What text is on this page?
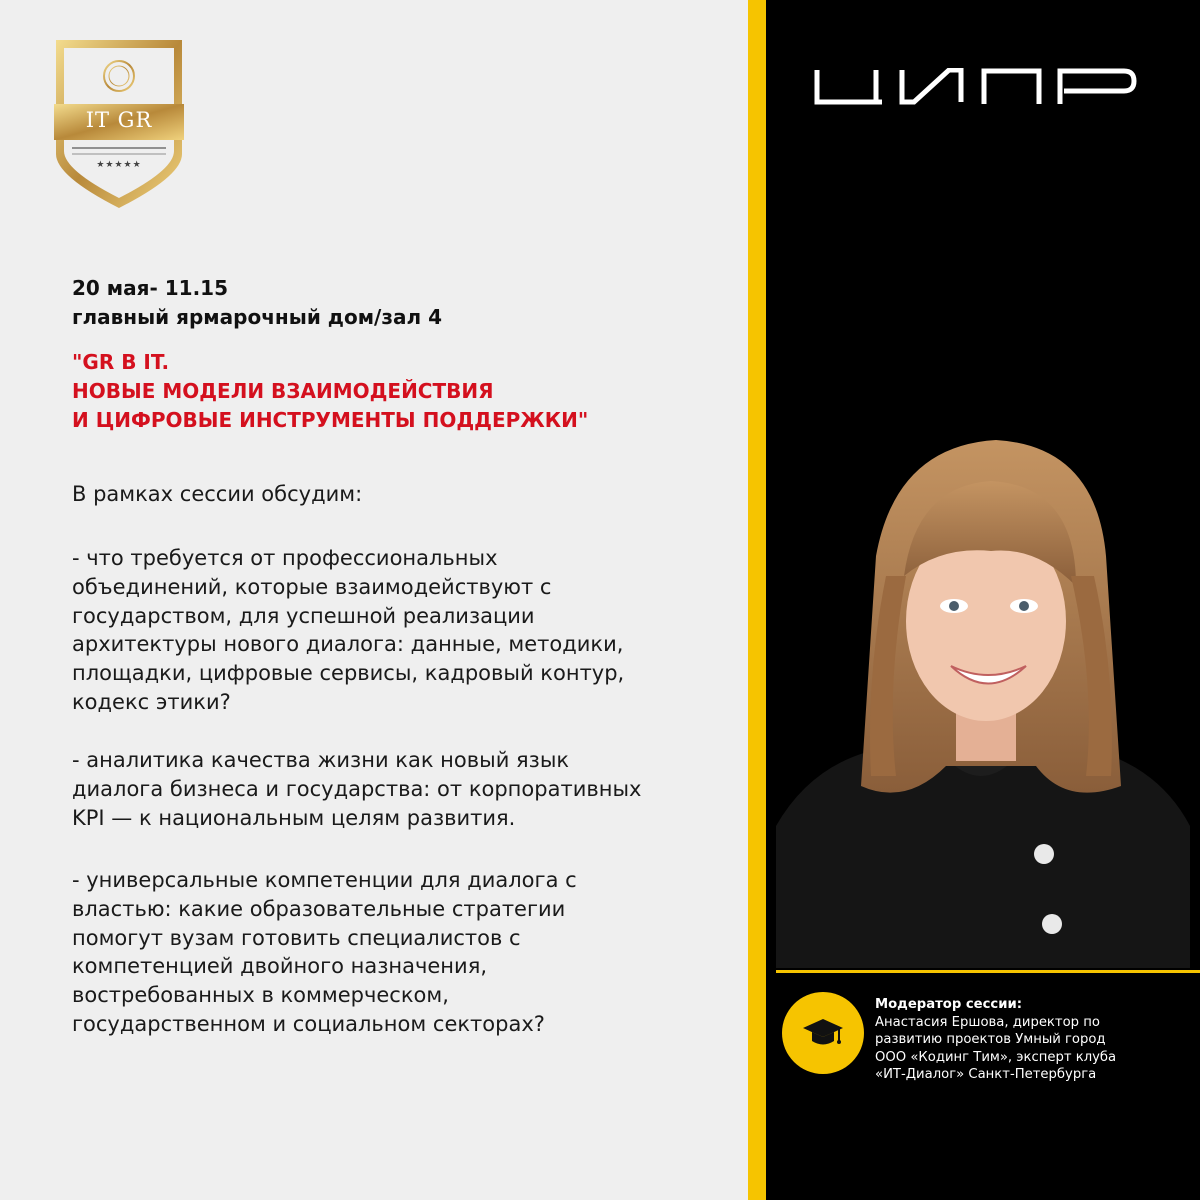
IT GR
★★★★★
20 мая- 11.15
главный ярмарочный дом/зал 4
"GR В IT.
НОВЫЕ МОДЕЛИ ВЗАИМОДЕЙСТВИЯ
И ЦИФРОВЫЕ ИНСТРУМЕНТЫ ПОДДЕРЖКИ"
В рамках сессии обсудим:
- что требуется от профессиональных
объединений, которые взаимодействуют с
государством, для успешной реализации
архитектуры нового диалога: данные, методики,
площадки, цифровые сервисы, кадровый контур,
кодекс этики?
- аналитика качества жизни как новый язык
диалога бизнеса и государства: от корпоративных
KPI — к национальным целям развития.
- универсальные компетенции для диалога с
властью: какие образовательные стратегии
помогут вузам готовить специалистов с
компетенцией двойного назначения,
востребованных в коммерческом,
государственном и социальном секторах?
Модератор сессии:
Анастасия Ершова, директор по
развитию проектов Умный город
ООО «Кодинг Тим», эксперт клуба
«ИТ-Диалог» Санкт-Петербурга
